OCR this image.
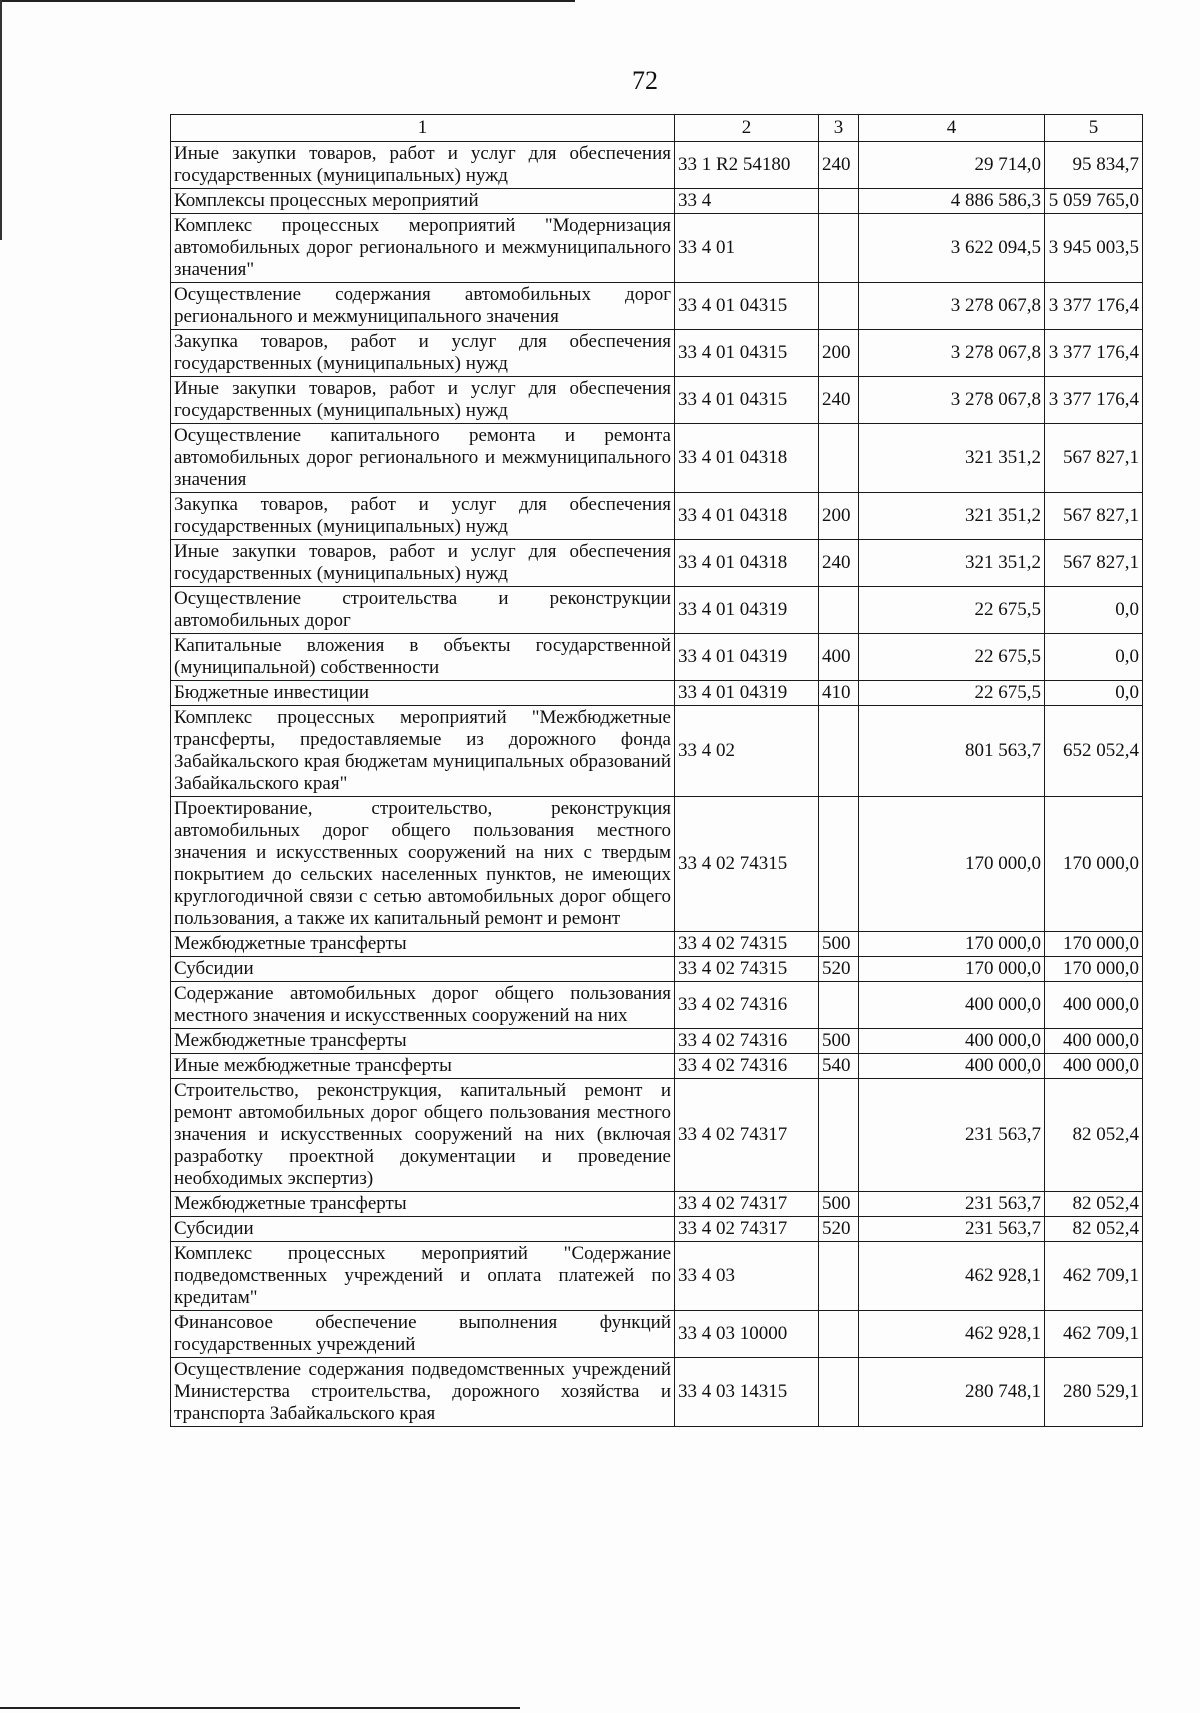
72
1	2	3	4	5
Иные закупки товаров, работ и услуг для обеспечения государственных (муниципальных) нужд	33 1 R2 54180	240	29 714,0	95 834,7
Комплексы процессных мероприятий	33 4		4 886 586,3	5 059 765,0
Комплекс процессных мероприятий "Модернизация автомобильных дорог регионального и межмуниципального значения"	33 4 01		3 622 094,5	3 945 003,5
Осуществление содержания автомобильных дорог регионального и межмуниципального значения	33 4 01 04315		3 278 067,8	3 377 176,4
Закупка товаров, работ и услуг для обеспечения государственных (муниципальных) нужд	33 4 01 04315	200	3 278 067,8	3 377 176,4
Иные закупки товаров, работ и услуг для обеспечения государственных (муниципальных) нужд	33 4 01 04315	240	3 278 067,8	3 377 176,4
Осуществление капитального ремонта и ремонта автомобильных дорог регионального и межмуниципального значения	33 4 01 04318		321 351,2	567 827,1
Закупка товаров, работ и услуг для обеспечения государственных (муниципальных) нужд	33 4 01 04318	200	321 351,2	567 827,1
Иные закупки товаров, работ и услуг для обеспечения государственных (муниципальных) нужд	33 4 01 04318	240	321 351,2	567 827,1
Осуществление строительства и реконструкции автомобильных дорог	33 4 01 04319		22 675,5	0,0
Капитальные вложения в объекты государственной (муниципальной) собственности	33 4 01 04319	400	22 675,5	0,0
Бюджетные инвестиции	33 4 01 04319	410	22 675,5	0,0
Комплекс процессных мероприятий "Межбюджетные трансферты, предоставляемые из дорожного фонда Забайкальского края бюджетам муниципальных образований Забайкальского края"	33 4 02		801 563,7	652 052,4
Проектирование, строительство, реконструкция автомобильных дорог общего пользования местного значения и искусственных сооружений на них с твердым покрытием до сельских населенных пунктов, не имеющих круглогодичной связи с сетью автомобильных дорог общего пользования, а также их капитальный ремонт и ремонт	33 4 02 74315		170 000,0	170 000,0
Межбюджетные трансферты	33 4 02 74315	500	170 000,0	170 000,0
Субсидии	33 4 02 74315	520	170 000,0	170 000,0
Содержание автомобильных дорог общего пользования местного значения и искусственных сооружений на них	33 4 02 74316		400 000,0	400 000,0
Межбюджетные трансферты	33 4 02 74316	500	400 000,0	400 000,0
Иные межбюджетные трансферты	33 4 02 74316	540	400 000,0	400 000,0
Строительство, реконструкция, капитальный ремонт и ремонт автомобильных дорог общего пользования местного значения и искусственных сооружений на них (включая разработку проектной документации и проведение необходимых экспертиз)	33 4 02 74317		231 563,7	82 052,4
Межбюджетные трансферты	33 4 02 74317	500	231 563,7	82 052,4
Субсидии	33 4 02 74317	520	231 563,7	82 052,4
Комплекс процессных мероприятий "Содержание подведомственных учреждений и оплата платежей по кредитам"	33 4 03		462 928,1	462 709,1
Финансовое обеспечение выполнения функций государственных учреждений	33 4 03 10000		462 928,1	462 709,1
Осуществление содержания подведомственных учреждений Министерства строительства, дорожного хозяйства и транспорта Забайкальского края	33 4 03 14315		280 748,1	280 529,1
